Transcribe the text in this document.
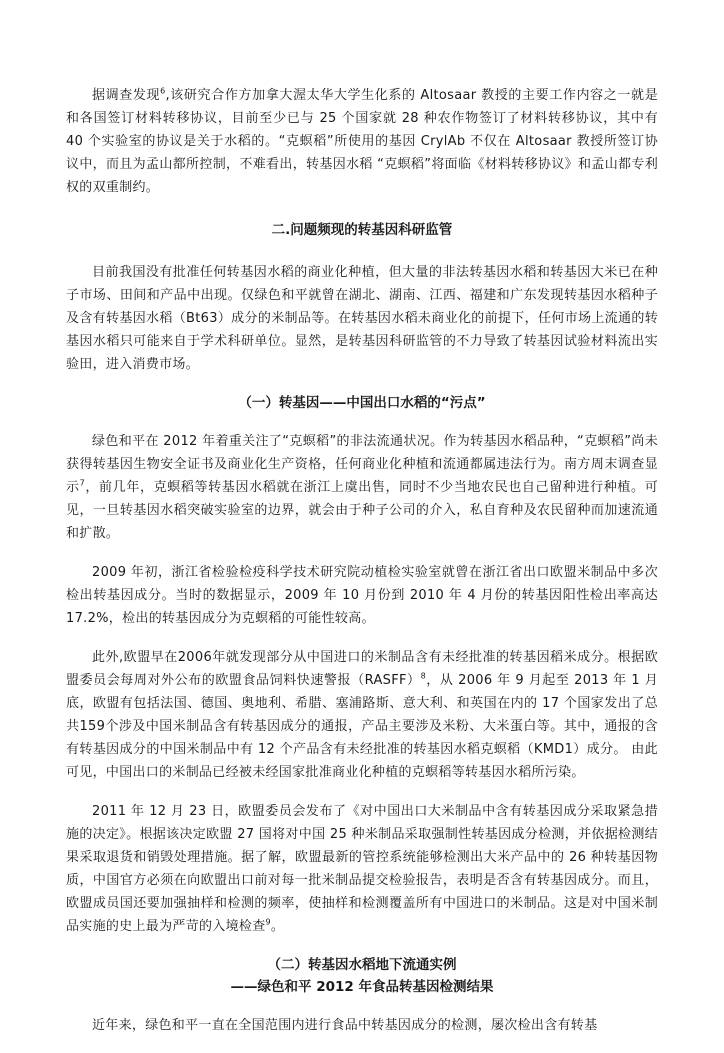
据调查发现$^6$,该研究合作方加拿大渥太华大学生化系的 Altosaar 教授的主要工作内容之一就是和各国签订材料转移协议，目前至少已与 25 个国家就 28 种农作物签订了材料转移协议，其中有 40 个实验室的协议是关于水稻的。“克螟稻”所使用的基因 CrylAb 不仅在 Altosaar 教授所签订协议中，而且为孟山都所控制，不难看出，转基因水稻 “克螟稻”将面临《材料转移协议》和孟山都专利权的双重制约。

二.问题频现的转基因科研监管

目前我国没有批准任何转基因水稻的商业化种植，但大量的非法转基因水稻和转基因大米已在种子市场、田间和产品中出现。仅绿色和平就曾在湖北、湖南、江西、福建和广东发现转基因水稻种子及含有转基因水稻（Bt63）成分的米制品等。在转基因水稻未商业化的前提下，任何市场上流通的转基因水稻只可能来自于学术科研单位。显然，是转基因科研监管的不力导致了转基因试验材料流出实验田，进入消费市场。

（一）转基因——中国出口水稻的“污点”

绿色和平在 2012 年着重关注了“克螟稻”的非法流通状况。作为转基因水稻品种，“克螟稻”尚未获得转基因生物安全证书及商业化生产资格，任何商业化种植和流通都属违法行为。南方周末调查显示$^7$，前几年，克螟稻等转基因水稻就在浙江上虞出售，同时不少当地农民也自己留种进行种植。可见，一旦转基因水稻突破实验室的边界，就会由于种子公司的介入，私自育种及农民留种而加速流通和扩散。

2009 年初，浙江省检验检疫科学技术研究院动植检实验室就曾在浙江省出口欧盟米制品中多次检出转基因成分。当时的数据显示，2009 年 10 月份到 2010 年 4 月份的转基因阳性检出率高达 17.2%，检出的转基因成分为克螟稻的可能性较高。

此外,欧盟早在2006年就发现部分从中国进口的米制品含有未经批准的转基因稻米成分。根据欧盟委员会每周对外公布的欧盟食品饲料快速警报（RASFF）$^8$，从 2006 年 9 月起至 2013 年 1 月底，欧盟有包括法国、德国、奥地利、希腊、塞浦路斯、意大利、和英国在内的 17 个国家发出了总共159个涉及中国米制品含有转基因成分的通报，产品主要涉及米粉、大米蛋白等。其中，通报的含有转基因成分的中国米制品中有 12 个产品含有未经批准的转基因水稻克螟稻（KMD1）成分。 由此可见，中国出口的米制品已经被未经国家批准商业化种植的克螟稻等转基因水稻所污染。

2011 年 12 月 23 日，欧盟委员会发布了《对中国出口大米制品中含有转基因成分采取紧急措施的决定》。根据该决定欧盟 27 国将对中国 25 种米制品采取强制性转基因成分检测，并依据检测结果采取退货和销毁处理措施。据了解，欧盟最新的管控系统能够检测出大米产品中的 26 种转基因物质，中国官方必须在向欧盟出口前对每一批米制品提交检验报告，表明是否含有转基因成分。而且，欧盟成员国还要加强抽样和检测的频率，使抽样和检测覆盖所有中国进口的米制品。这是对中国米制品实施的史上最为严苛的入境检查$^9$。

（二）转基因水稻地下流通实例
——绿色和平 2012 年食品转基因检测结果

近年来，绿色和平一直在全国范围内进行食品中转基因成分的检测，屡次检出含有转基
